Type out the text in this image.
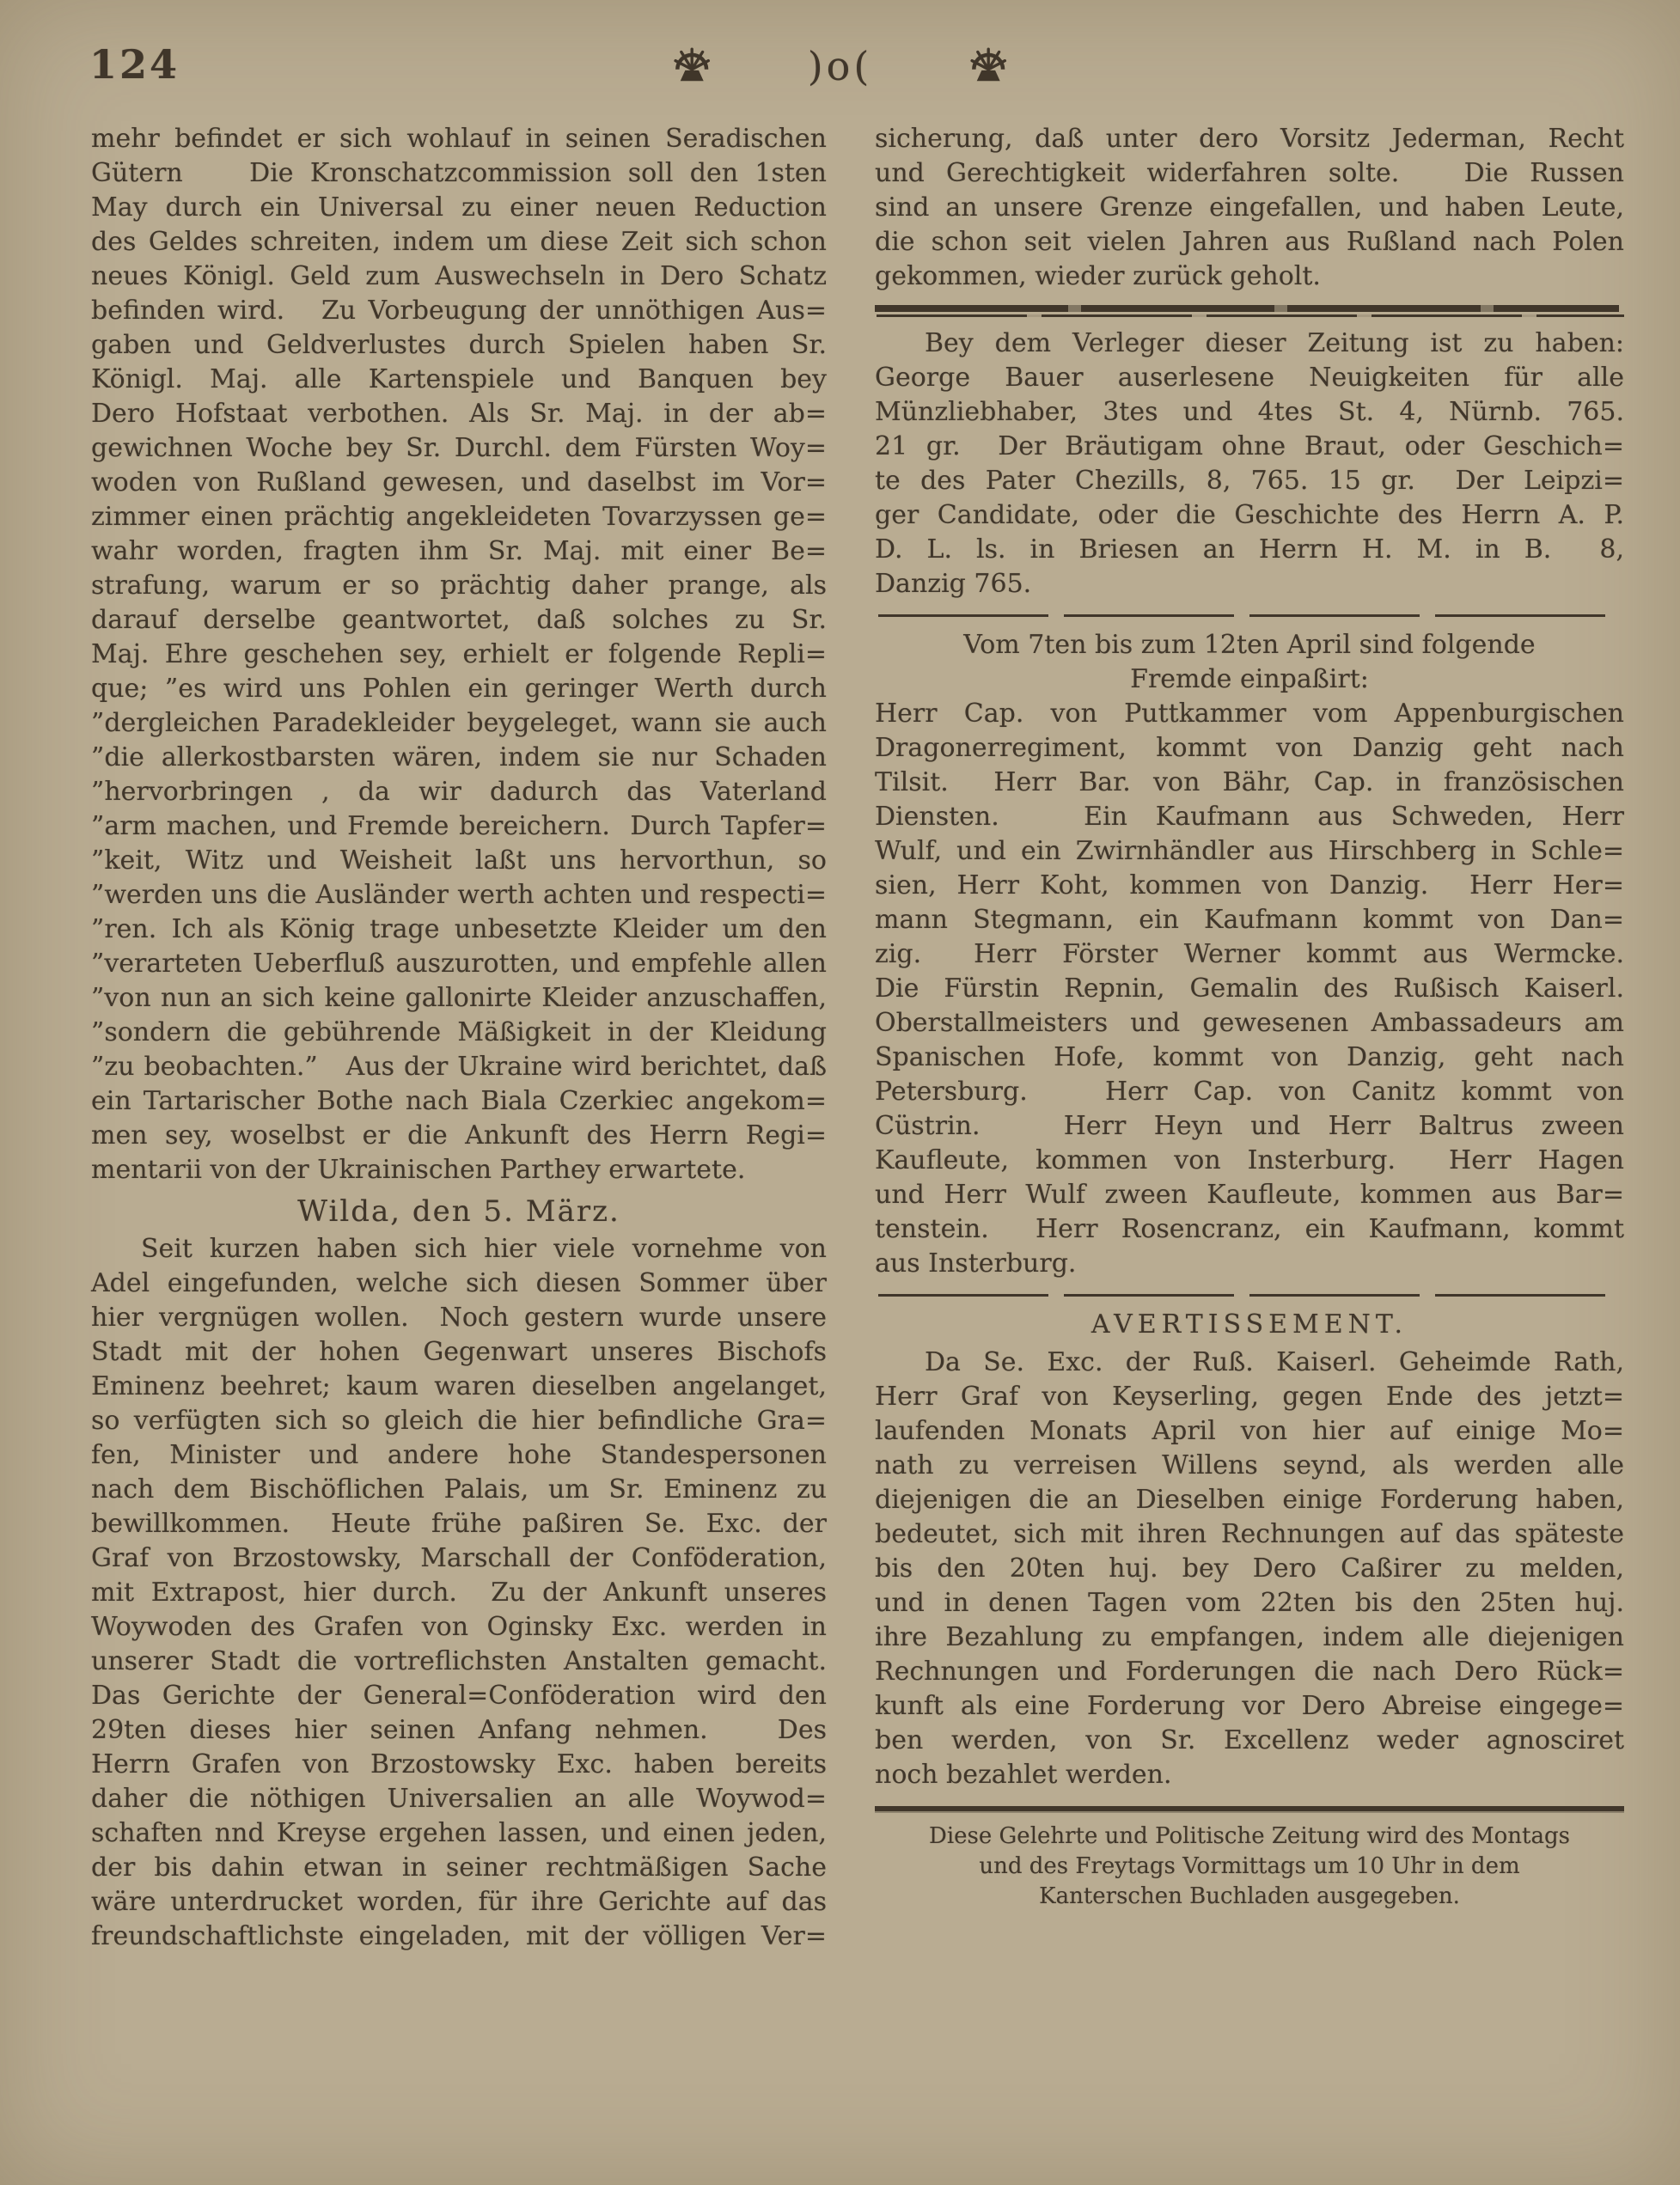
124	)o(
mehr befindet er sich wohlauf in seinen Seradischen
Gütern    Die Kronschatzcommission soll den 1sten
May durch ein Universal zu einer neuen Reduction
des Geldes schreiten, indem um diese Zeit sich schon
neues Königl. Geld zum Auswechseln in Dero Schatz
befinden wird.   Zu Vorbeugung der unnöthigen Aus=
gaben und Geldverlustes durch Spielen haben Sr.
Königl. Maj. alle Kartenspiele und Banquen bey
Dero Hofstaat verbothen. Als Sr. Maj. in der ab=
gewichnen Woche bey Sr. Durchl. dem Fürsten Woy=
woden von Rußland gewesen, und daselbst im Vor=
zimmer einen prächtig angekleideten Tovarzyssen ge=
wahr worden, fragten ihm Sr. Maj. mit einer Be=
strafung, warum er so prächtig daher prange, als
darauf derselbe geantwortet, daß solches zu Sr.
Maj. Ehre geschehen sey, erhielt er folgende Repli=
que; ”es wird uns Pohlen ein geringer Werth durch
”dergleichen Paradekleider beygeleget, wann sie auch
”die allerkostbarsten wären, indem sie nur Schaden
”hervorbringen , da wir dadurch das Vaterland
”arm machen, und Fremde bereichern.  Durch Tapfer=
”keit, Witz und Weisheit laßt uns hervorthun, so
”werden uns die Ausländer werth achten und respecti=
”ren. Ich als König trage unbesetzte Kleider um den
”verarteten Ueberfluß auszurotten, und empfehle allen
”von nun an sich keine gallonirte Kleider anzuschaffen,
”sondern die gebührende Mäßigkeit in der Kleidung
”zu beobachten.”   Aus der Ukraine wird berichtet, daß
ein Tartarischer Bothe nach Biala Czerkiec angekom=
men sey, woselbst er die Ankunft des Herrn Regi=
mentarii von der Ukrainischen Parthey erwartete.
Wilda, den 5. März.
Seit kurzen haben sich hier viele vornehme von
Adel eingefunden, welche sich diesen Sommer über
hier vergnügen wollen.  Noch gestern wurde unsere
Stadt mit der hohen Gegenwart unseres Bischofs
Eminenz beehret; kaum waren dieselben angelanget,
so verfügten sich so gleich die hier befindliche Gra=
fen, Minister und andere hohe Standespersonen
nach dem Bischöflichen Palais, um Sr. Eminenz zu
bewillkommen.  Heute frühe paßiren Se. Exc. der
Graf von Brzostowsky, Marschall der Conföderation,
mit Extrapost, hier durch.  Zu der Ankunft unseres
Woywoden des Grafen von Oginsky Exc. werden in
unserer Stadt die vortreflichsten Anstalten gemacht.
Das Gerichte der General=Conföderation wird den
29ten dieses hier seinen Anfang nehmen.   Des
Herrn Grafen von Brzostowsky Exc. haben bereits
daher die nöthigen Universalien an alle Woywod=
schaften nnd Kreyse ergehen lassen, und einen jeden,
der bis dahin etwan in seiner rechtmäßigen Sache
wäre unterdrucket worden, für ihre Gerichte auf das
freundschaftlichste eingeladen, mit der völligen Ver=
sicherung, daß unter dero Vorsitz Jederman, Recht
und Gerechtigkeit widerfahren solte.   Die Russen
sind an unsere Grenze eingefallen, und haben Leute,
die schon seit vielen Jahren aus Rußland nach Polen
gekommen, wieder zurück geholt.
Bey dem Verleger dieser Zeitung ist zu haben:
George Bauer auserlesene Neuigkeiten für alle
Münzliebhaber, 3tes und 4tes St. 4, Nürnb. 765.
21 gr.  Der Bräutigam ohne Braut, oder Geschich=
te des Pater Chezills, 8, 765. 15 gr.  Der Leipzi=
ger Candidate, oder die Geschichte des Herrn A. P.
D. L. ls. in Briesen an Herrn H. M. in B.  8,
Danzig 765.
Vom 7ten bis zum 12ten April sind folgende
Fremde einpaßirt:
Herr Cap. von Puttkammer vom Appenburgischen
Dragonerregiment, kommt von Danzig geht nach
Tilsit.  Herr Bar. von Bähr, Cap. in französischen
Diensten.   Ein Kaufmann aus Schweden, Herr
Wulf, und ein Zwirnhändler aus Hirschberg in Schle=
sien, Herr Koht, kommen von Danzig.  Herr Her=
mann Stegmann, ein Kaufmann kommt von Dan=
zig.  Herr Förster Werner kommt aus Wermcke.
Die Fürstin Repnin, Gemalin des Rußisch Kaiserl.
Oberstallmeisters und gewesenen Ambassadeurs am
Spanischen Hofe, kommt von Danzig, geht nach
Petersburg.   Herr Cap. von Canitz kommt von
Cüstrin.   Herr Heyn und Herr Baltrus zween
Kaufleute, kommen von Insterburg.  Herr Hagen
und Herr Wulf zween Kaufleute, kommen aus Bar=
tenstein.  Herr Rosencranz, ein Kaufmann, kommt
aus Insterburg.
AVERTISSEMENT.
Da Se. Exc. der Ruß. Kaiserl. Geheimde Rath,
Herr Graf von Keyserling, gegen Ende des jetzt=
laufenden Monats April von hier auf einige Mo=
nath zu verreisen Willens seynd, als werden alle
diejenigen die an Dieselben einige Forderung haben,
bedeutet, sich mit ihren Rechnungen auf das späteste
bis den 20ten huj. bey Dero Caßirer zu melden,
und in denen Tagen vom 22ten bis den 25ten huj.
ihre Bezahlung zu empfangen, indem alle diejenigen
Rechnungen und Forderungen die nach Dero Rück=
kunft als eine Forderung vor Dero Abreise eingege=
ben werden, von Sr. Excellenz weder agnosciret
noch bezahlet werden.
Diese Gelehrte und Politische Zeitung wird des Montags
und des Freytags Vormittags um 10 Uhr in dem
Kanterschen Buchladen ausgegeben.
